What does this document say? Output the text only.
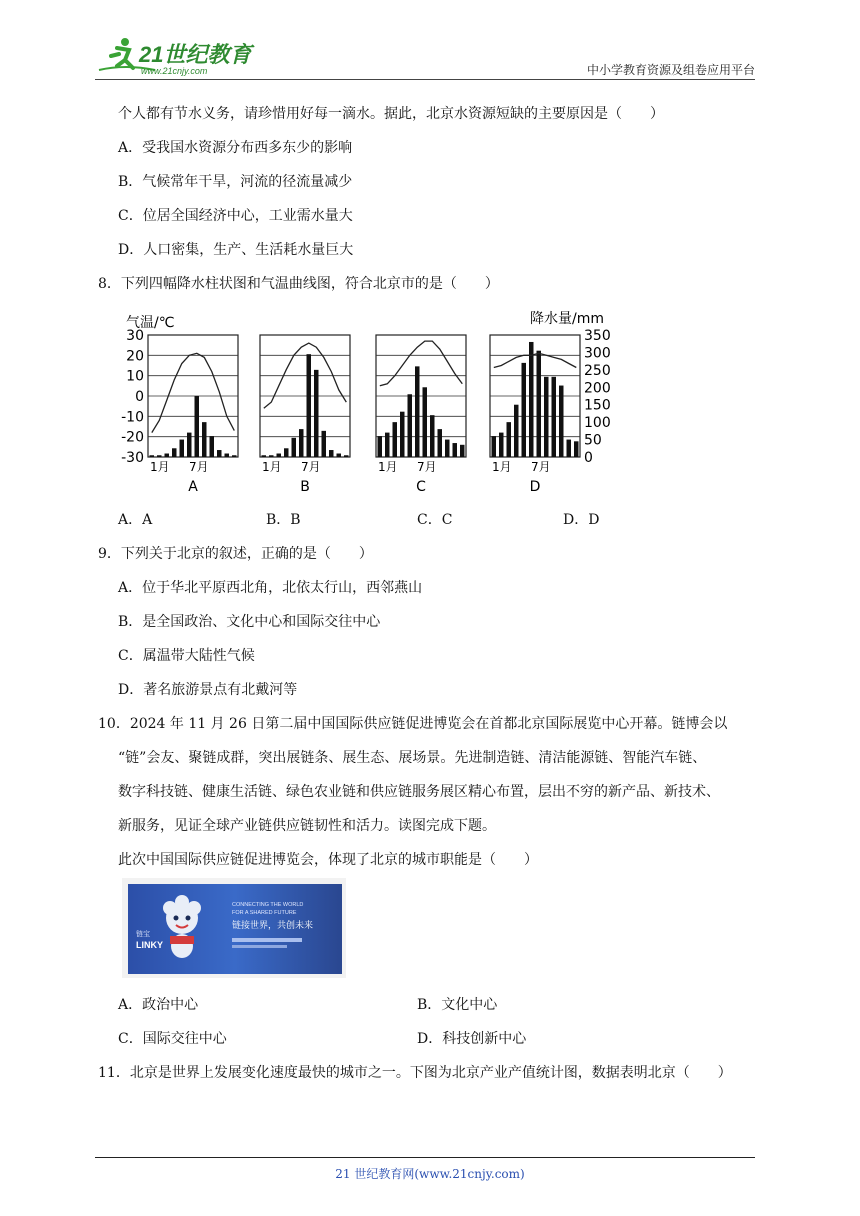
21世纪教育
www.21cnjy.com	中小学教育资源及组卷应用平台
个人都有节水义务，请珍惜用好每一滴水。据此，北京水资源短缺的主要原因是（　　）
A．受我国水资源分布西多东少的影响
B．气候常年干旱，河流的径流量减少
C．位居全国经济中心，工业需水量大
D．人口密集，生产、生活耗水量巨大
8．下列四幅降水柱状图和气温曲线图，符合北京市的是（　　）
气温/℃	降水量/mm
30
20
10
0
-10
-20
-30
350
300
250
200
150
100
50
0
1月 7月
A
1月 7月
B
1月 7月
C
1月 7月
D
A．A	B．B	C．C	D．D
9．下列关于北京的叙述，正确的是（　　）
A．位于华北平原西北角，北依太行山，西邻燕山
B．是全国政治、文化中心和国际交往中心
C．属温带大陆性气候
D．著名旅游景点有北戴河等
10．2024 年 11 月 26 日第二届中国国际供应链促进博览会在首都北京国际展览中心开幕。链博会以
“链”会友、聚链成群，突出展链条、展生态、展场景。先进制造链、清洁能源链、智能汽车链、
数字科技链、健康生活链、绿色农业链和供应链服务展区精心布置，层出不穷的新产品、新技术、
新服务，见证全球产业链供应链韧性和活力。读图完成下题。
此次中国国际供应链促进博览会，体现了北京的城市职能是（　　）
链宝
LINKY
CONNECTING THE WORLD
FOR A SHARED FUTURE
链接世界，共创未来
A．政治中心	B．文化中心
C．国际交往中心	D．科技创新中心
11．北京是世界上发展变化速度最快的城市之一。下图为北京产业产值统计图，数据表明北京（　　）
21 世纪教育网(www.21cnjy.com)
